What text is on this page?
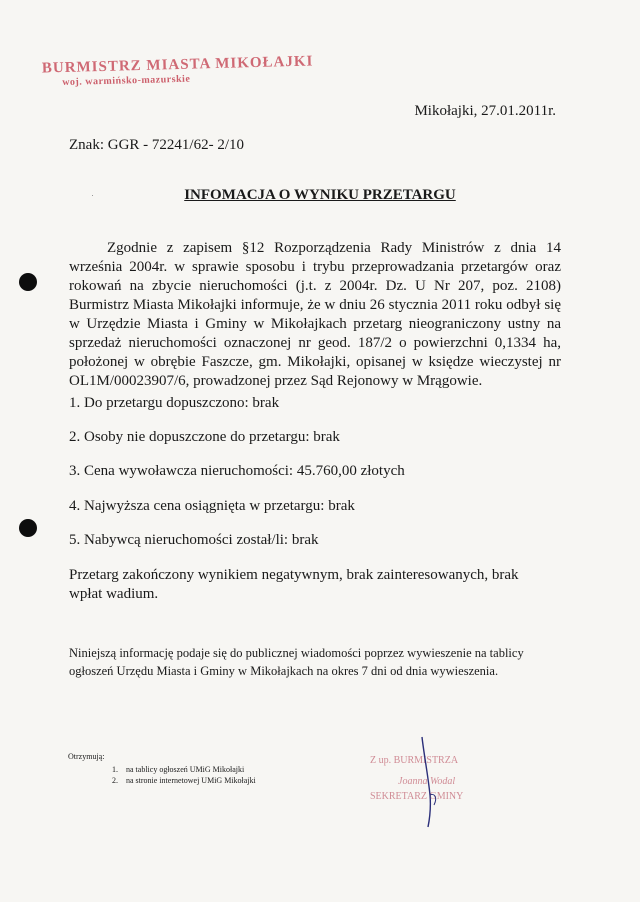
BURMISTRZ MIASTA MIKOŁAJKI
woj. warmińsko-mazurskie
Mikołajki, 27.01.2011r.
Znak: GGR - 72241/62- 2/10
INFOMACJA O WYNIKU PRZETARGU
Zgodnie z zapisem §12 Rozporządzenia Rady Ministrów z dnia 14 września 2004r. w sprawie sposobu i trybu przeprowadzania przetargów oraz rokowań na zbycie nieruchomości (j.t. z 2004r. Dz. U Nr 207, poz. 2108) Burmistrz Miasta Mikołajki informuje, że w dniu 26 stycznia 2011 roku odbył się w Urzędzie Miasta i Gminy w Mikołajkach przetarg nieograniczony ustny na sprzedaż nieruchomości oznaczonej nr geod. 187/2 o powierzchni 0,1334 ha, położonej w obrębie Faszcze, gm. Mikołajki, opisanej w księdze wieczystej nr OL1M/00023907/6, prowadzonej przez Sąd Rejonowy w Mrągowie.
1. Do przetargu dopuszczono: brak
2. Osoby nie dopuszczone do przetargu: brak
3. Cena wywoławcza nieruchomości: 45.760,00 złotych
4. Najwyższa cena osiągnięta w przetargu: brak
5. Nabywcą nieruchomości został/li: brak
Przetarg zakończony wynikiem negatywnym, brak zainteresowanych, brak wpłat wadium.
Niniejszą informację podaje się do publicznej wiadomości poprzez wywieszenie na tablicy ogłoszeń Urzędu Miasta i Gminy w Mikołajkach na okres 7 dni od dnia wywieszenia.
Otrzymują:
1.	na tablicy ogłoszeń UMiG Mikołajki
2.	na stronie internetowej UMiG Mikołajki
Z up. BURMISTRZA
Joanna Wodal
SEKRETARZ GMINY
